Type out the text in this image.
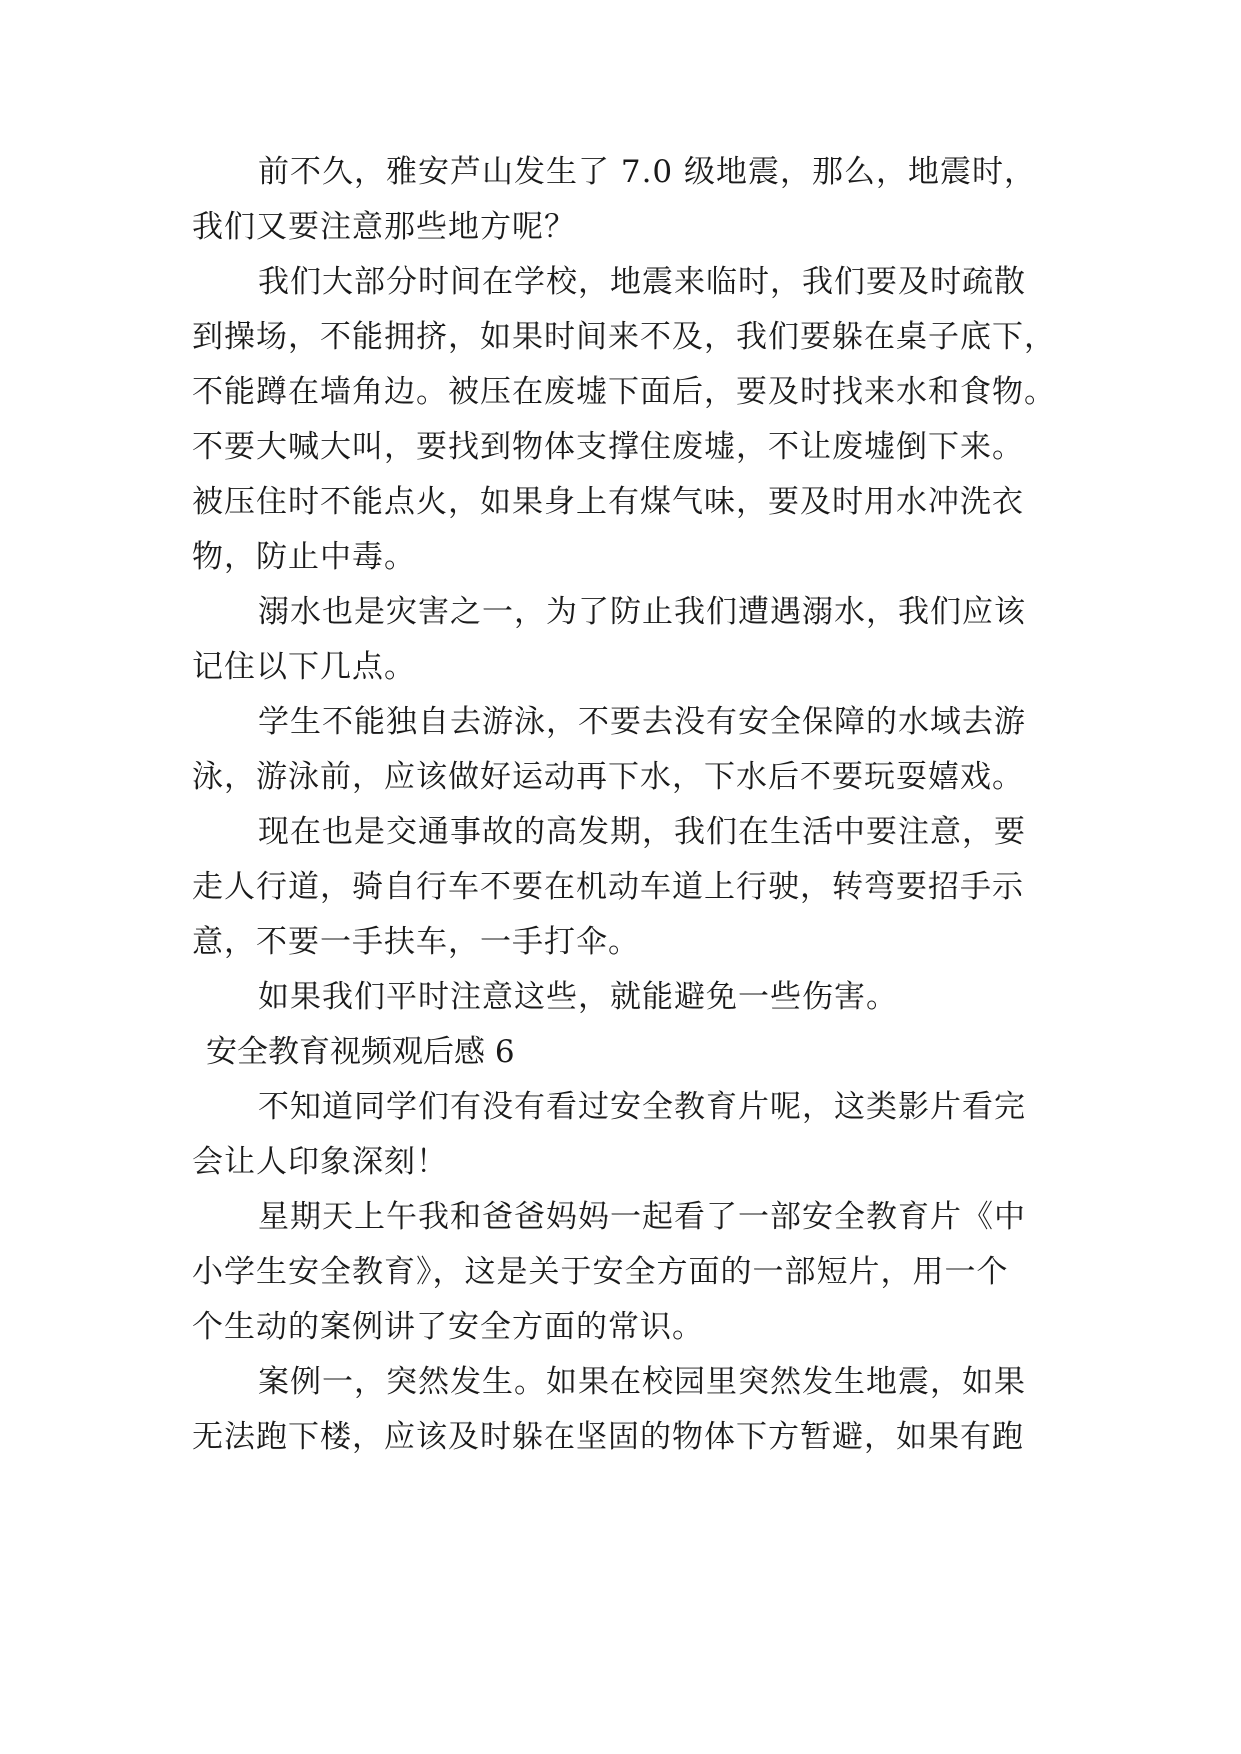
前不久，雅安芦山发生了 7.0 级地震，那么，地震时，

我们又要注意那些地方呢？

我们大部分时间在学校，地震来临时，我们要及时疏散

到操场，不能拥挤，如果时间来不及，我们要躲在桌子底下，

不能蹲在墙角边。被压在废墟下面后，要及时找来水和食物。

不要大喊大叫，要找到物体支撑住废墟，不让废墟倒下来。

被压住时不能点火，如果身上有煤气味，要及时用水冲洗衣

物，防止中毒。

溺水也是灾害之一，为了防止我们遭遇溺水，我们应该

记住以下几点。

学生不能独自去游泳，不要去没有安全保障的水域去游

泳，游泳前，应该做好运动再下水，下水后不要玩耍嬉戏。

现在也是交通事故的高发期，我们在生活中要注意，要

走人行道，骑自行车不要在机动车道上行驶，转弯要招手示

意，不要一手扶车，一手打伞。

如果我们平时注意这些，就能避免一些伤害。

安全教育视频观后感 6

不知道同学们有没有看过安全教育片呢，这类影片看完

会让人印象深刻！

星期天上午我和爸爸妈妈一起看了一部安全教育片《中

小学生安全教育》，这是关于安全方面的一部短片，用一个

个生动的案例讲了安全方面的常识。

案例一，突然发生。如果在校园里突然发生地震，如果

无法跑下楼，应该及时躲在坚固的物体下方暂避，如果有跑
